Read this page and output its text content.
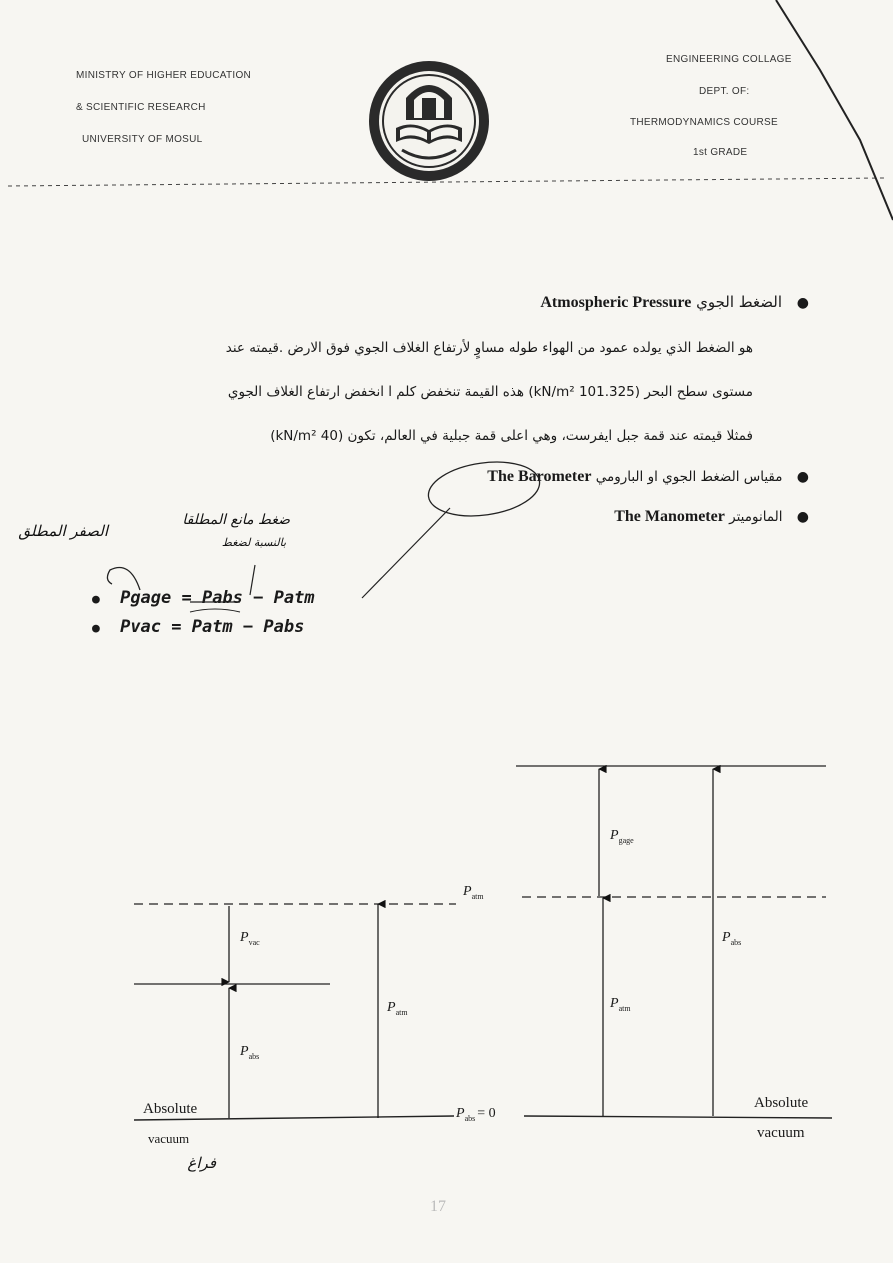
MINISTRY OF HIGHER EDUCATION
& SCIENTIFIC RESEARCH
UNIVERSITY OF MOSUL
ENGINEERING COLLAGE
DEPT. OF:
THERMODYNAMICS COURSE
1st GRADE
● الضغط الجوي Atmospheric Pressure
هو الضغط الذي يولده عمود من الهواء طوله مساوٍ لأرتفاع الغلاف الجوي فوق الارض .قيمته عند
مستوى سطح البحر (101.325 kN/m²) هذه القيمة تنخفض كلم ا انخفض ارتفاع الغلاف الجوي
فمثلا قيمته عند قمة جبل ايفرست، وهي اعلى قمة جبلية في العالم، تكون (40 kN/m²)
● مقياس الضغط الجوي او البارومي The Barometer
● المانوميتر The Manometer
● Pgage = Pabs − Patm
● Pvac = Patm − Pabs
الصفر المطلق
ضغط مانع المطلقا
بالنسبة لضغط
فراغ
$P_{vac}$
$P_{abs}$
$P_{atm}$
$P_{atm}$
$P_{gage}$
$P_{atm}$
$P_{abs}$
$P_{abs} = 0$
Absolute
vacuum
Absolute
vacuum
17
